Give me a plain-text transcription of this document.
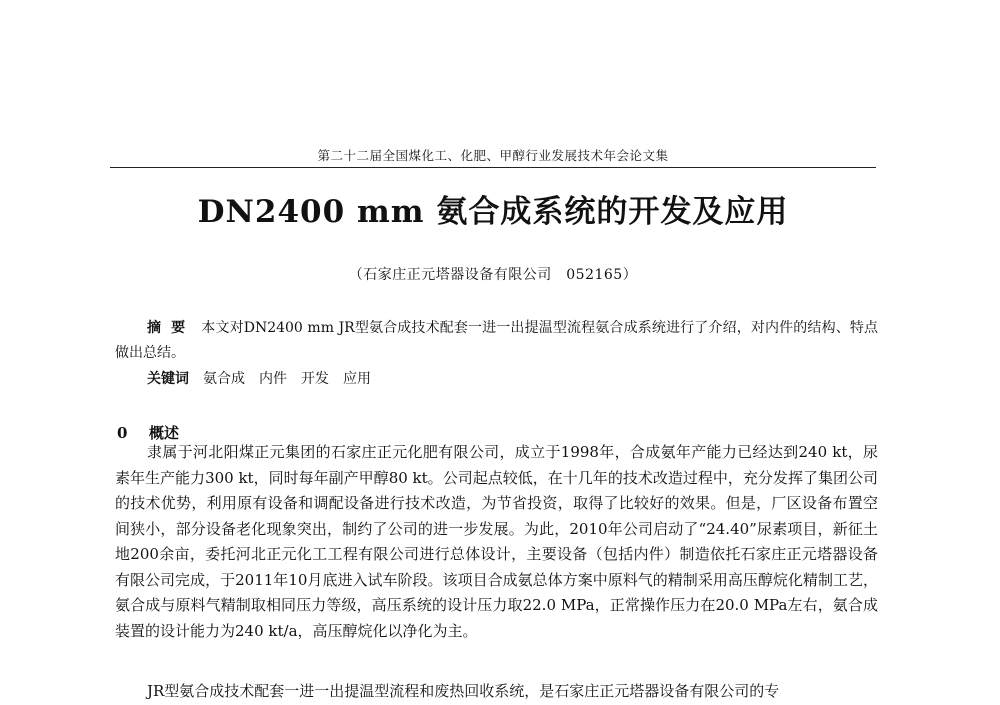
第二十二届全国煤化工、化肥、甲醇行业发展技术年会论文集
DN2400 mm 氨合成系统的开发及应用
（石家庄正元塔器设备有限公司　052165）

摘要 本文对DN2400 mm JR型氨合成技术配套一进一出提温型流程氨合成系统进行了介绍，对内件的结构、特点做出总结。

关键词 氨合成 内件 开发 应用
0 概述

隶属于河北阳煤正元集团的石家庄正元化肥有限公司，成立于1998年，合成氨年产能力已经达到240 kt，尿素年生产能力300 kt，同时每年副产甲醇80 kt。公司起点较低，在十几年的技术改造过程中，充分发挥了集团公司的技术优势，利用原有设备和调配设备进行技术改造，为节省投资，取得了比较好的效果。但是，厂区设备布置空间狭小，部分设备老化现象突出，制约了公司的进一步发展。为此，2010年公司启动了“24.40”尿素项目，新征土地200余亩，委托河北正元化工工程有限公司进行总体设计，主要设备（包括内件）制造依托石家庄正元塔器设备有限公司完成，于2011年10月底进入试车阶段。该项目合成氨总体方案中原料气的精制采用高压醇烷化精制工艺，氨合成与原料气精制取相同压力等级，高压系统的设计压力取22.0 MPa，正常操作压力在20.0 MPa左右，氨合成装置的设计能力为240 kt/a，高压醇烷化以净化为主。

JR型氨合成技术配套一进一出提温型流程和废热回收系统，是石家庄正元塔器设备有限公司的专
